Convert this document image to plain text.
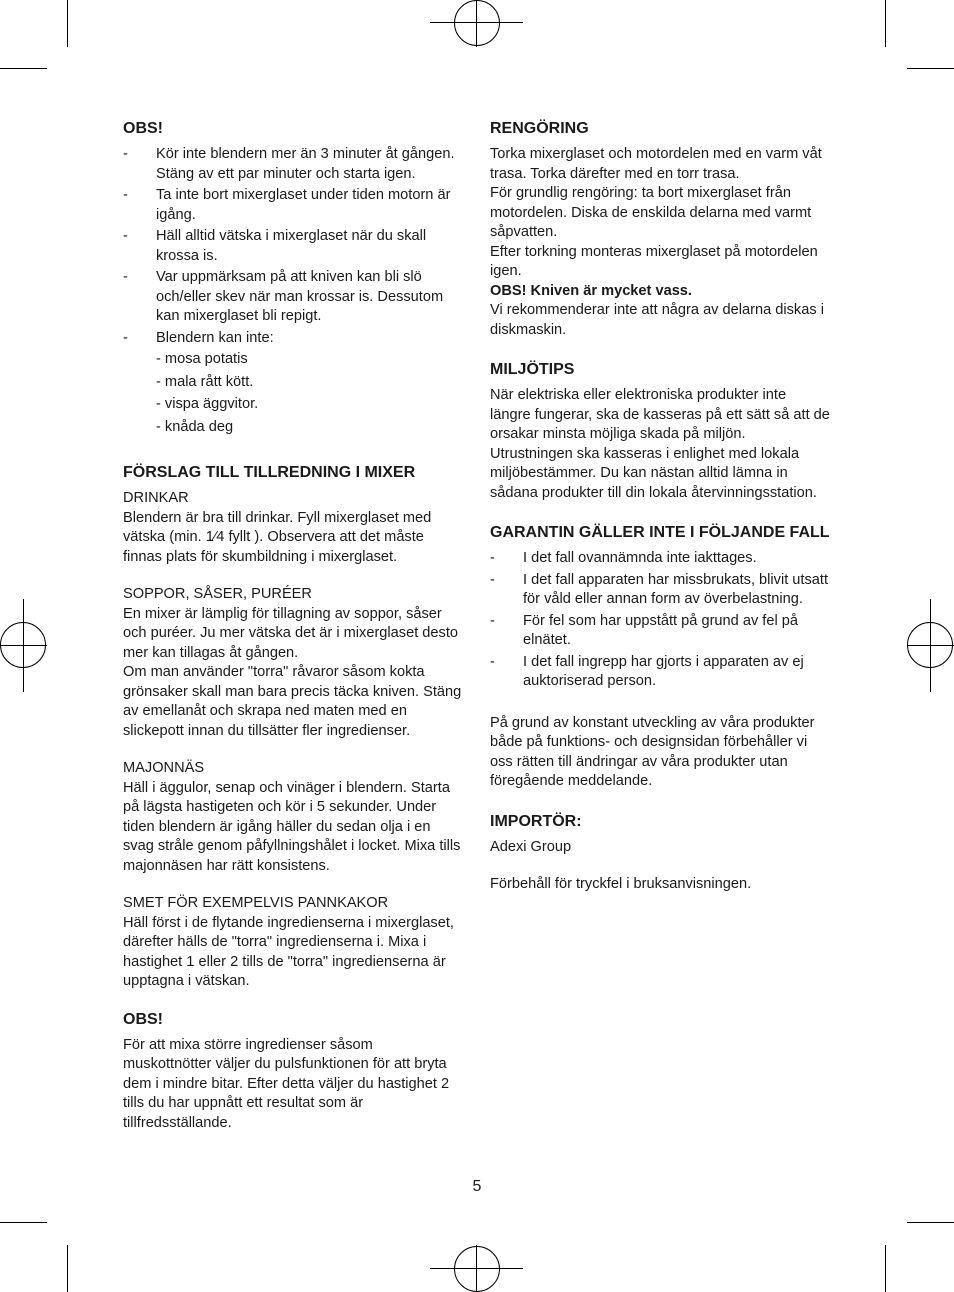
OBS!
- Kör inte blendern mer än 3 minuter åt gången. Stäng av ett par minuter och starta igen.
- Ta inte bort mixerglaset under tiden motorn är igång.
- Häll alltid vätska i mixerglaset när du skall krossa is.
- Var uppmärksam på att kniven kan bli slö och/eller skev när man krossar is. Dessutom kan mixerglaset bli repigt.
- Blendern kan inte:
- mosa potatis
- mala rått kött.
- vispa äggvitor.
- knåda deg
FÖRSLAG TILL TILLREDNING I MIXER
DRINKAR

Blendern är bra till drinkar. Fyll mixerglaset med vätska (min. 1⁄4 fyllt ). Observera att det måste finnas plats för skumbildning i mixerglaset.

SOPPOR, SÅSER, PURÉER

En mixer är lämplig för tillagning av soppor, såser och puréer. Ju mer vätska det är i mixerglaset desto mer kan tillagas åt gången.

Om man använder "torra" råvaror såsom kokta grönsaker skall man bara precis täcka kniven. Stäng av emellanåt och skrapa ned maten med en slickepott innan du tillsätter fler ingredienser.

MAJONNÄS

Häll i äggulor, senap och vinäger i blendern. Starta på lägsta hastigeten och kör i 5 sekunder. Under tiden blendern är igång häller du sedan olja i en svag stråle genom påfyllningshålet i locket. Mixa tills majonnäsen har rätt konsistens.

SMET FÖR EXEMPELVIS PANNKAKOR

Häll först i de flytande ingredienserna i mixerglaset, därefter hälls de "torra" ingredienserna i. Mixa i hastighet 1 eller 2 tills de "torra" ingredienserna är upptagna i vätskan.

OBS!

För att mixa större ingredienser såsom muskottnötter väljer du pulsfunktionen för att bryta dem i mindre bitar. Efter detta väljer du hastighet 2 tills du har uppnått ett resultat som är tillfredsställande.

RENGÖRING

Torka mixerglaset och motordelen med en varm våt trasa. Torka därefter med en torr trasa.

För grundlig rengöring: ta bort mixerglaset från motordelen. Diska de enskilda delarna med varmt såpvatten.

Efter torkning monteras mixerglaset på motordelen igen.

OBS! Kniven är mycket vass.

Vi rekommenderar inte att några av delarna diskas i diskmaskin.

MILJÖTIPS

När elektriska eller elektroniska produkter inte längre fungerar, ska de kasseras på ett sätt så att de orsakar minsta möjliga skada på miljön. Utrustningen ska kasseras i enlighet med lokala miljöbestämmer. Du kan nästan alltid lämna in sådana produkter till din lokala återvinningsstation.

GARANTIN GÄLLER INTE I FÖLJANDE FALL
- I det fall ovannämnda inte iakttages.
- I det fall apparaten har missbrukats, blivit utsatt för våld eller annan form av överbelastning.
- För fel som har uppstått på grund av fel på elnätet.
- I det fall ingrepp har gjorts i apparaten av ej auktoriserad person.

På grund av konstant utveckling av våra produkter både på funktions- och designsidan förbehåller vi oss rätten till ändringar av våra produkter utan föregående meddelande.

IMPORTÖR:

Adexi Group

Förbehåll för tryckfel i bruksanvisningen.

5
